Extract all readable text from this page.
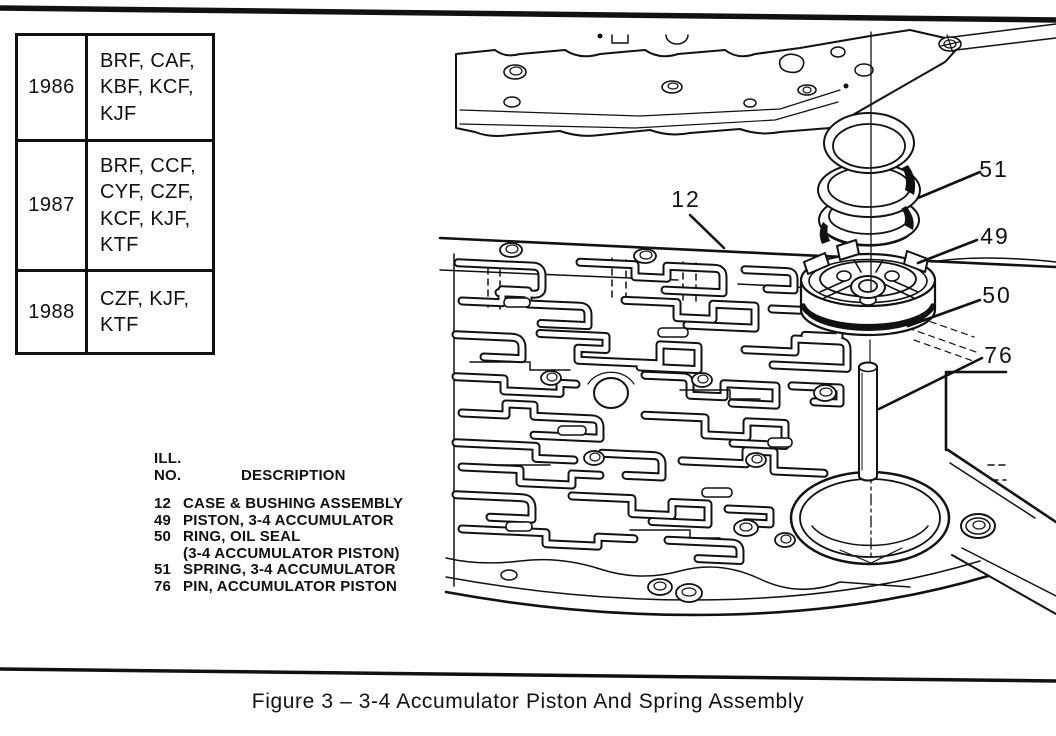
12
51
49
50
76
1986
BRF, CAF, KBF, KCF, KJF
1987
BRF, CCF, CYF, CZF, KCF, KJF, KTF
1988
CZF, KJF, KTF
ILL.
NO.	DESCRIPTION
12 CASE & BUSHING ASSEMBLY
49 PISTON, 3-4 ACCUMULATOR
50 RING, OIL SEAL
(3-4 ACCUMULATOR PISTON)
51 SPRING, 3-4 ACCUMULATOR
76 PIN, ACCUMULATOR PISTON
Figure 3 – 3-4 Accumulator Piston And Spring Assembly
